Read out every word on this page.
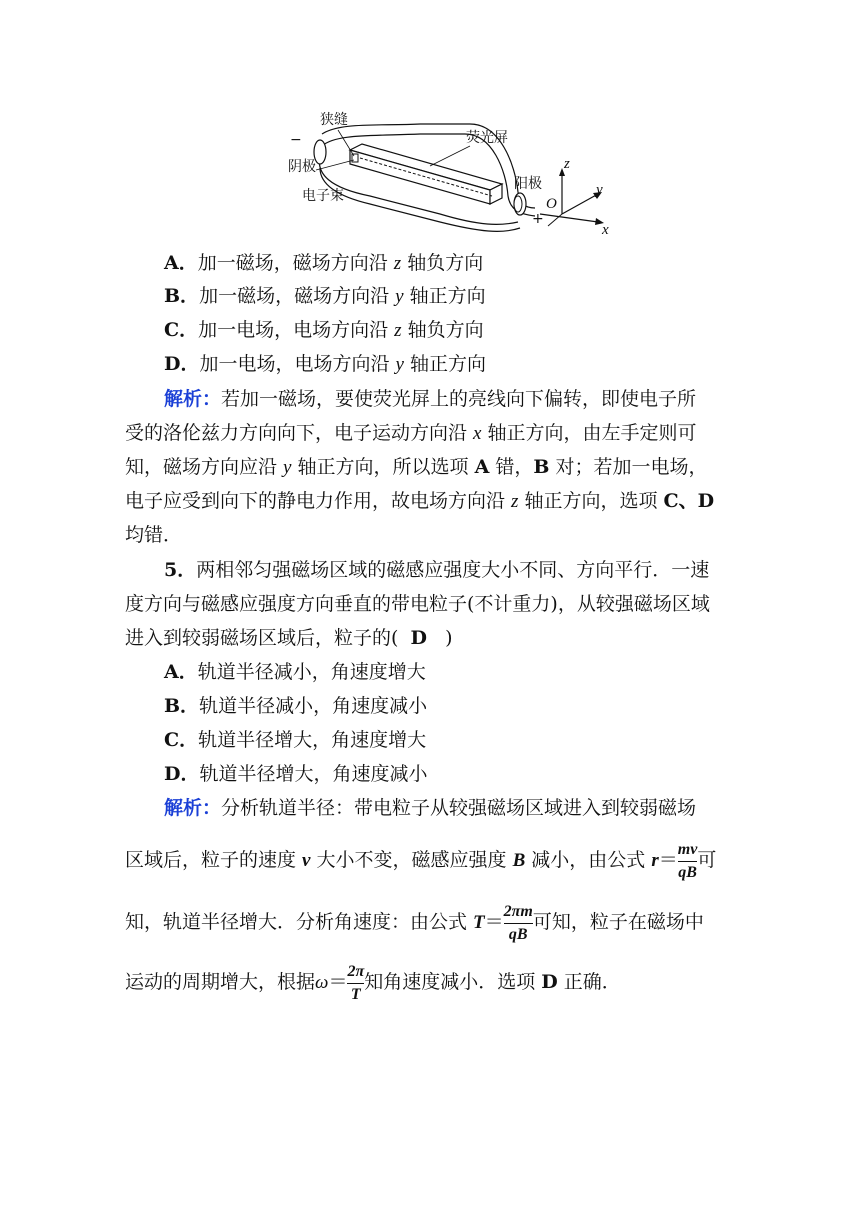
狭缝
−
阴极
电子束
荧光屏
阳极
+
z
y
O
x
A．加一磁场，磁场方向沿 z 轴负方向
B．加一磁场，磁场方向沿 y 轴正方向
C．加一电场，电场方向沿 z 轴负方向
D．加一电场，电场方向沿 y 轴正方向
解析：若加一磁场，要使荧光屏上的亮线向下偏转，即使电子所
受的洛伦兹力方向向下，电子运动方向沿 x 轴正方向，由左手定则可
知，磁场方向应沿 y 轴正方向，所以选项 A 错，B 对；若加一电场，
电子应受到向下的静电力作用，故电场方向沿 z 轴正方向，选项 C、D
均错．
5．两相邻匀强磁场区域的磁感应强度大小不同、方向平行．一速
度方向与磁感应强度方向垂直的带电粒子(不计重力)，从较强磁场区域
进入到较弱磁场区域后，粒子的( D )
A．轨道半径减小，角速度增大
B．轨道半径减小，角速度减小
C．轨道半径增大，角速度增大
D．轨道半径增大，角速度减小
解析：分析轨道半径：带电粒子从较强磁场区域进入到较弱磁场
区域后，粒子的速度 v 大小不变，磁感应强度 B 减小，由公式 $r= \frac{mv}{qB}$ 可
知，轨道半径增大．分析角速度：由公式 $T= \frac{2\pi m}{qB}$ 可知，粒子在磁场中
运动的周期增大，根据$\omega= \frac{2\pi}{T}$ 知角速度减小．选项 D 正确．
